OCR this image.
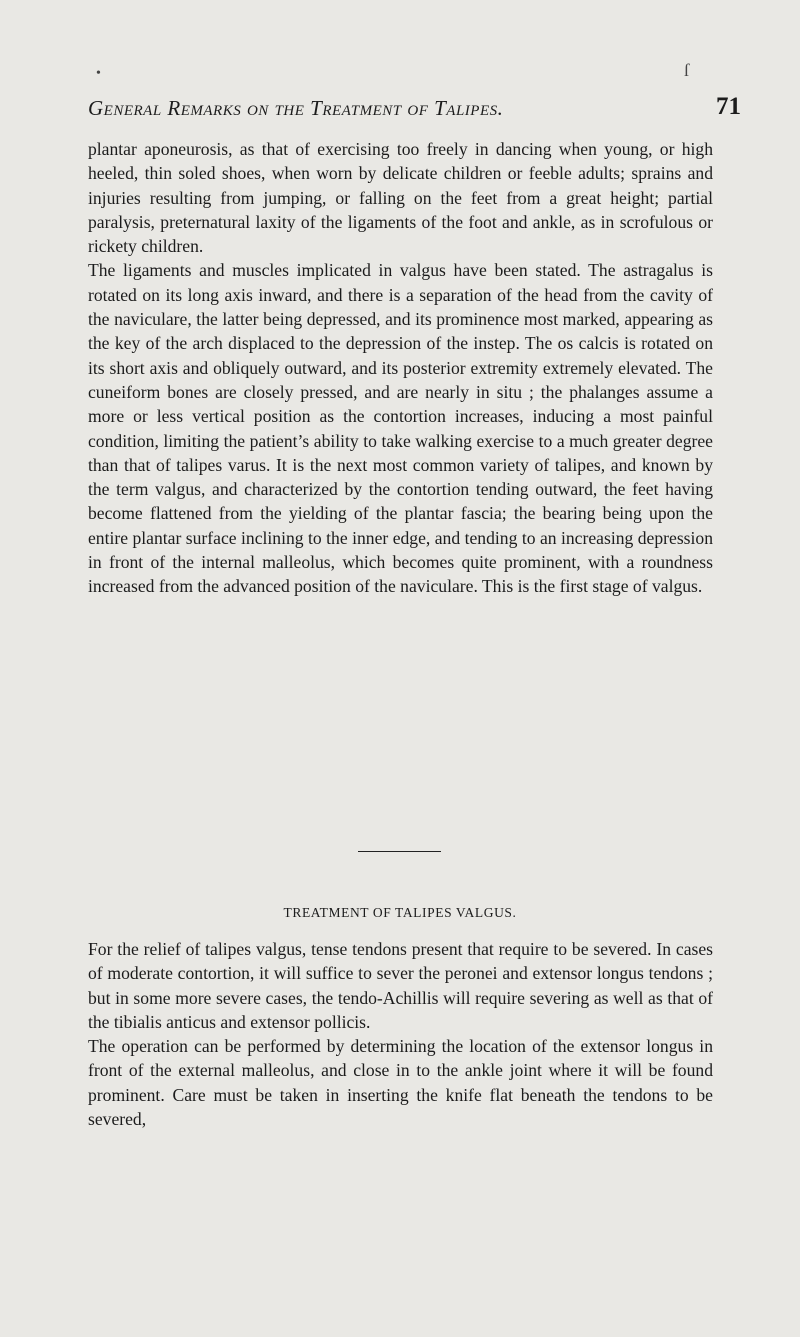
•	ſ
General Remarks on the Treatment of Talipes.	71

plantar aponeurosis, as that of exercising too freely in dancing when young, or high heeled, thin soled shoes, when worn by delicate children or feeble adults; sprains and injuries resulting from jumping, or falling on the feet from a great height; partial paralysis, preternatural laxity of the ligaments of the foot and ankle, as in scrofulous or rickety children.

The ligaments and muscles implicated in valgus have been stated. The astragalus is rotated on its long axis inward, and there is a separation of the head from the cavity of the naviculare, the latter being depressed, and its prominence most marked, appearing as the key of the arch displaced to the depression of the instep. The os calcis is rotated on its short axis and obliquely outward, and its posterior extremity extremely elevated. The cuneiform bones are closely pressed, and are nearly in situ ; the phalanges assume a more or less vertical position as the contortion increases, inducing a most painful condition, limiting the patient’s ability to take walking exercise to a much greater degree than that of talipes varus. It is the next most common variety of talipes, and known by the term valgus, and characterized by the contortion tending outward, the feet having become flattened from the yielding of the plantar fascia; the bearing being upon the entire plantar surface inclining to the inner edge, and tending to an increasing depression in front of the internal malleolus, which becomes quite prominent, with a roundness increased from the advanced position of the naviculare. This is the first stage of valgus.

TREATMENT OF TALIPES VALGUS.

For the relief of talipes valgus, tense tendons present that require to be severed. In cases of moderate contortion, it will suffice to sever the peronei and extensor longus tendons ; but in some more severe cases, the tendo-Achillis will require severing as well as that of the tibialis anticus and extensor pollicis.

The operation can be performed by determining the location of the extensor longus in front of the external malleolus, and close in to the ankle joint where it will be found prominent. Care must be taken in inserting the knife flat beneath the tendons to be severed,
